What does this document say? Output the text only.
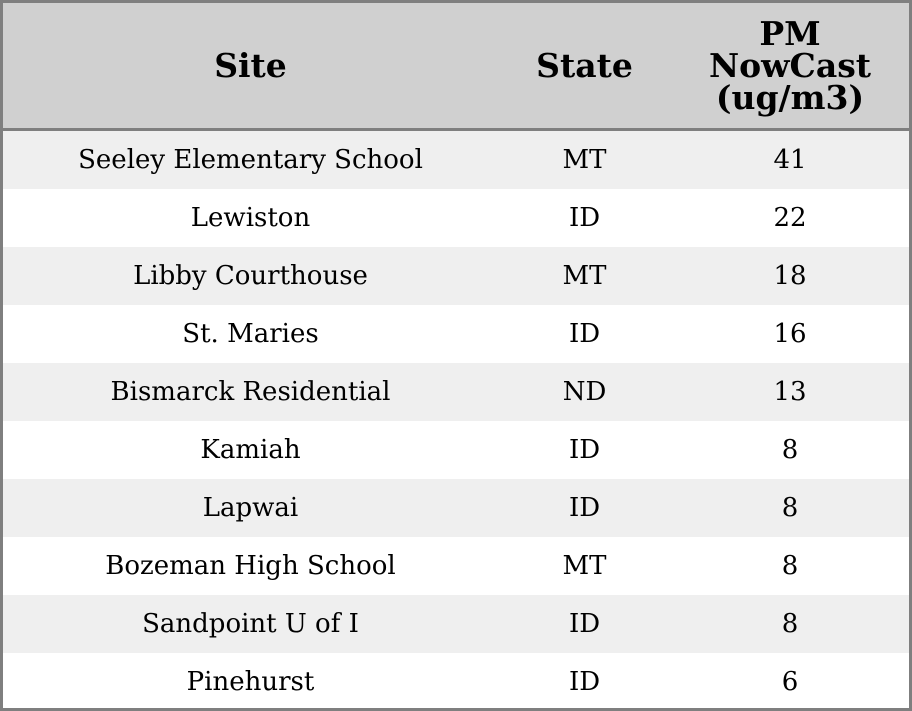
Site	State	PM
NowCast
(ug/m3)
Seeley Elementary School	MT	41
Lewiston	ID	22
Libby Courthouse	MT	18
St. Maries	ID	16
Bismarck Residential	ND	13
Kamiah	ID	8
Lapwai	ID	8
Bozeman High School	MT	8
Sandpoint U of I	ID	8
Pinehurst	ID	6
